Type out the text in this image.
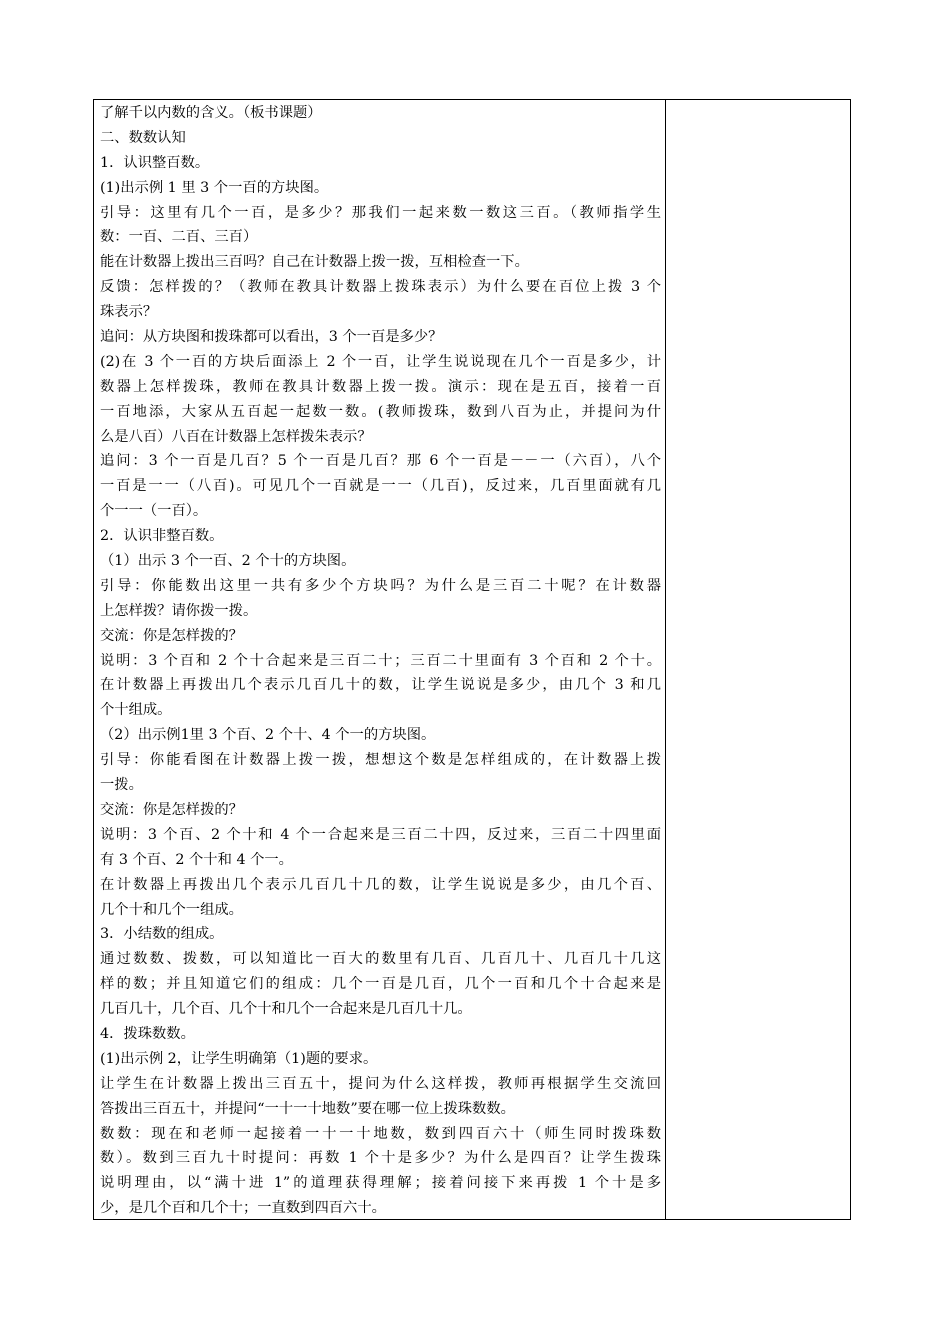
了解千以内数的含义。（板书课题）
二、数数认知
1．认识整百数。
(1)出示例 1 里 3 个一百的方块图。
引导：这里有几个一百，是多少？那我们一起来数一数这三百。（教师指学生
数：一百、二百、三百）
能在计数器上拨出三百吗？自己在计数器上拨一拨，互相检查一下。
反馈：怎样拨的？（教师在教具计数器上拨珠表示）为什么要在百位上拨 3 个
珠表示？
追问：从方块图和拨珠都可以看出，3 个一百是多少？
(2)在 3 个一百的方块后面添上 2 个一百，让学生说说现在几个一百是多少，计
数器上怎样拨珠，教师在教具计数器上拨一拨。演示：现在是五百，接着一百
一百地添，大家从五百起一起数一数。(教师拨珠，数到八百为止，并提问为什
么是八百）八百在计数器上怎样拨朱表示？
追问：3 个一百是几百？5 个一百是几百？那 6 个一百是－－一（六百），八个
一百是一一（八百)。可见几个一百就是一一（几百)，反过来，几百里面就有几
个一一（一百）。
2．认识非整百数。
（1）出示 3 个一百、2 个十的方块图。
引导：你能数出这里一共有多少个方块吗？为什么是三百二十呢？在计数器
上怎样拨？请你拨一拨。
交流：你是怎样拨的？
说明：3 个百和 2 个十合起来是三百二十；三百二十里面有 3 个百和 2 个十。
在计数器上再拨出几个表示几百几十的数，让学生说说是多少，由几个 3 和几
个十组成。
（2）出示例1里 3 个百、2 个十、4 个一的方块图。
引导：你能看图在计数器上拨一拨，想想这个数是怎样组成的，在计数器上拨
一拨。
交流：你是怎样拨的？
说明：3 个百、2 个十和 4 个一合起来是三百二十四，反过来，三百二十四里面
有 3 个百、2 个十和 4 个一。
在计数器上再拨出几个表示几百几十几的数，让学生说说是多少，由几个百、
几个十和几个一组成。
3．小结数的组成。
通过数数、拨数，可以知道比一百大的数里有几百、几百几十、几百几十几这
样的数；并且知道它们的组成：几个一百是几百，几个一百和几个十合起来是
几百几十，几个百、几个十和几个一合起来是几百几十几。
4．拨珠数数。
(1)出示例 2，让学生明确第（1)题的要求。
让学生在计数器上拨出三百五十，提问为什么这样拨，教师再根据学生交流回
答拨出三百五十，并提问“一十一十地数”要在哪一位上拨珠数数。
数数：现在和老师一起接着一十一十地数，数到四百六十（师生同时拨珠数
数）。数到三百九十时提问：再数 1 个十是多少？为什么是四百？让学生拨珠
说明理由，以“满十进 1”的道理获得理解；接着问接下来再拨 1 个十是多
少，是几个百和几个十；一直数到四百六十。
